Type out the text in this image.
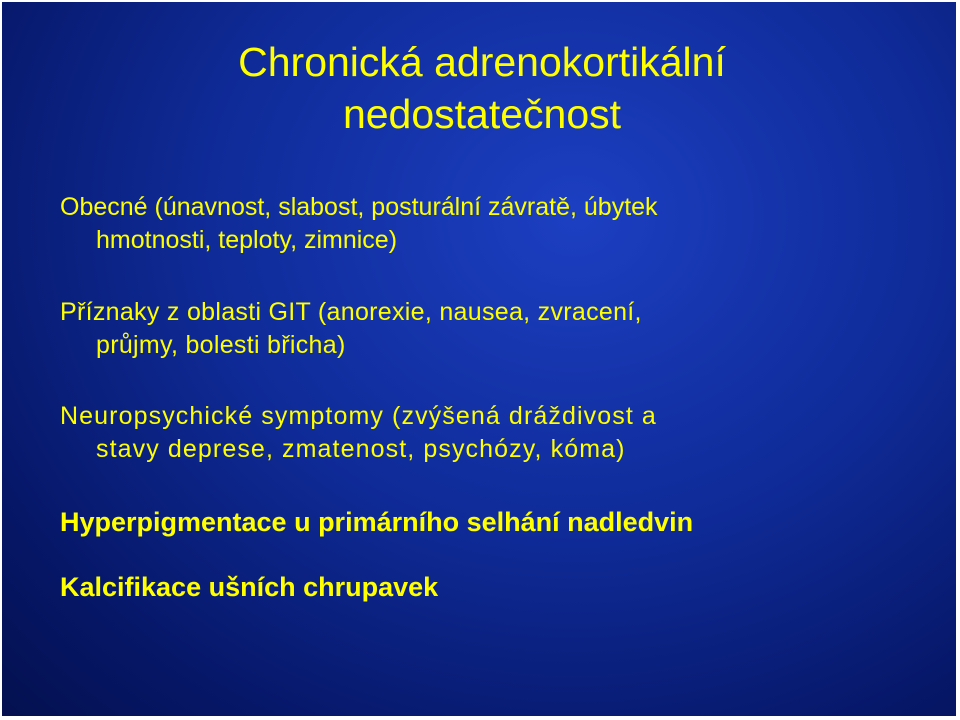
Chronická adrenokortikální
nedostatečnost
Obecné (únavnost, slabost, posturální závratě, úbytek
hmotnosti, teploty, zimnice)
Příznaky z oblasti GIT (anorexie, nausea, zvracení,
průjmy, bolesti břicha)
Neuropsychické symptomy (zvýšená dráždivost a
stavy deprese, zmatenost, psychózy, kóma)
Hyperpigmentace u primárního selhání nadledvin
Kalcifikace ušních chrupavek
